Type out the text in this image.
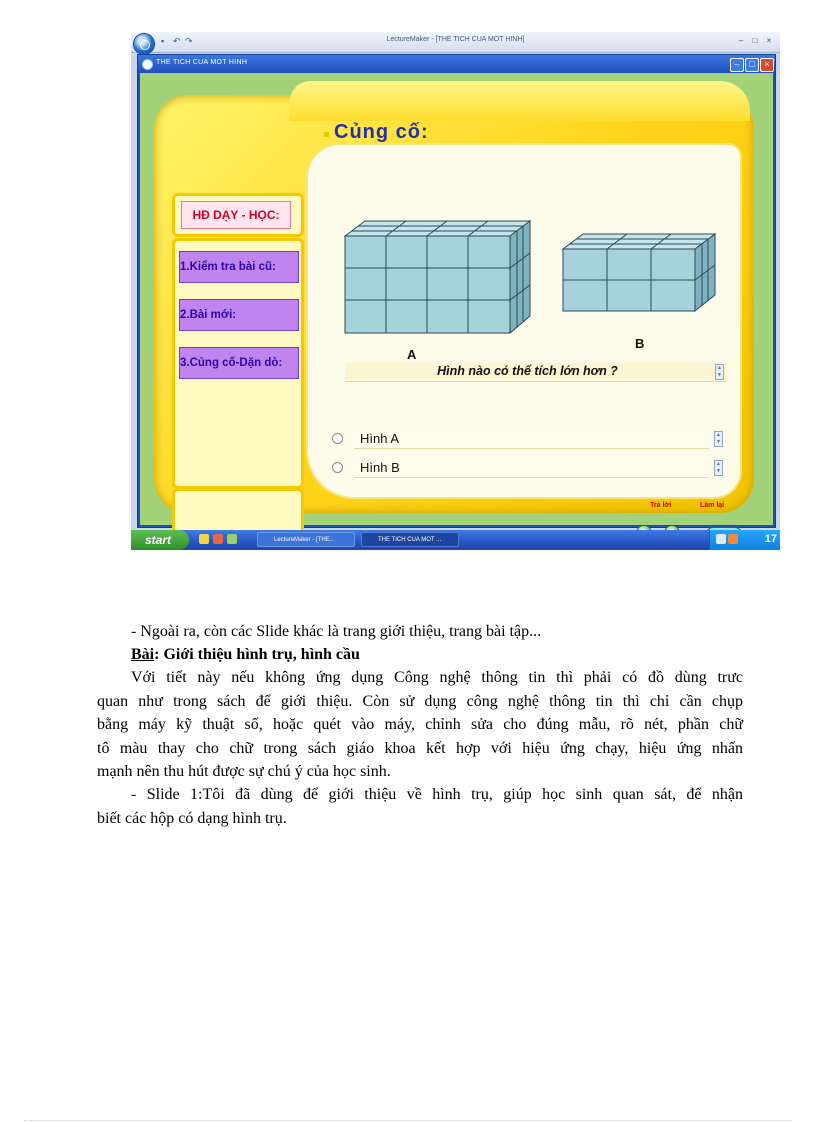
▪ ↶ ↷	LectureMaker - [THE TICH CUA MOT HINH]	–	□	×
THE TICH CUA MOT HINH	–	□	×
Củng cố:
HĐ DẠY - HỌC:
1.Kiểm tra bài cũ:
2.Bài mới:
3.Củng cố-Dặn dò:
A
B
Hình nào có thể tích lớn hơn ?	▲
▼
Hình A	▲
▼
Hình B	▲
▼
Trả lời	Làm lại
start	LectureMaker - [THE...	THE TICH CUA MOT ...	17

- Ngoài ra, còn các Slide khác là trang giới thiệu, trang bài tập...

Bài: Giới thiệu hình trụ, hình cầu

Với tiết này nếu không ứng dụng Công nghệ thông tin thì phải có đồ dùng trưc

quan như trong sách để giới thiệu. Còn sử dụng công nghệ thông tin thì chỉ cần chụp

bằng máy kỹ thuật số, hoặc quét vào máy, chỉnh sửa cho đúng mẫu, rõ nét, phần chữ

tô màu thay cho chữ trong sách giáo khoa kết hợp với hiệu ứng chạy, hiệu ứng nhấn

mạnh nên thu hút được sự chú ý của học sinh.

- Slide 1:Tôi đã dùng để giới thiệu về hình trụ, giúp học sinh quan sát, để nhận

biết các hộp có dạng hình trụ.
